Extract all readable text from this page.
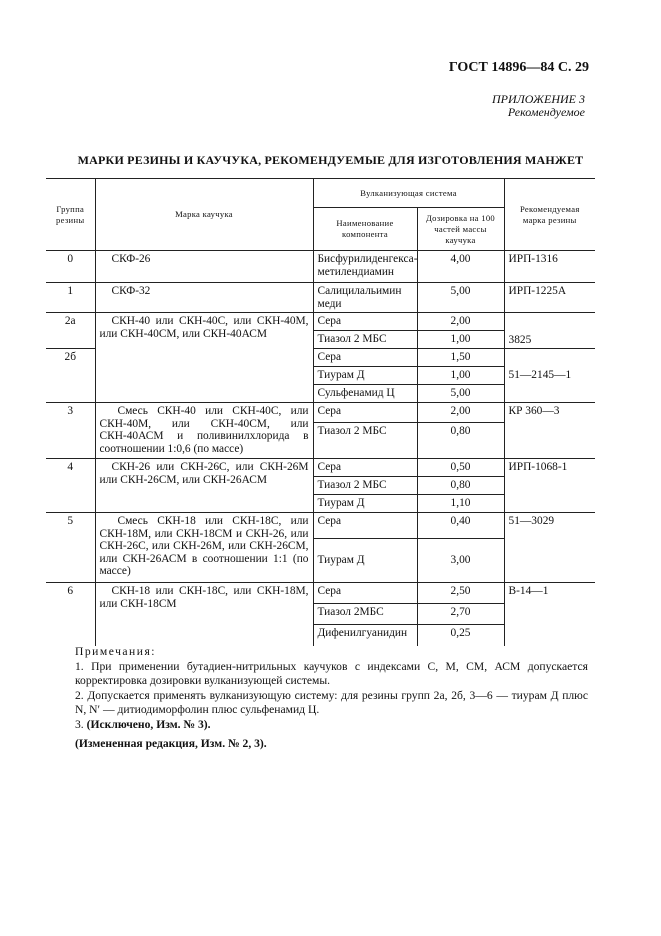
ГОСТ 14896—84 С. 29
ПРИЛОЖЕНИЕ 3
Рекомендуемое
МАРКИ РЕЗИНЫ И КАУЧУКА, РЕКОМЕНДУЕМЫЕ ДЛЯ ИЗГОТОВЛЕНИЯ МАНЖЕТ
Группа резины	Марка каучука	Вулканизующая система		Рекомендуемая марка резины
		Наименование компонента	Дозировка на 100 частей массы каучука	
0	СКФ-26	Бисфурилиденгекса-метилендиамин	4,00	ИРП-1316
1	СКФ-32	Салицилальимин меди	5,00	ИРП-1225А
2а	СКН-40 или СКН-40С, или СКН-40М, или СКН-40СМ, или СКН-40АСМ	Сера	2,00	3825
		Тиазол 2 МБС	1,00	
2б		Сера	1,50	51—2145—1
		Тиурам Д	1,00	
		Сульфенамид Ц	5,00	
3	Смесь СКН-40 или СКН-40С, или СКН-40М, или СКН-40СМ, или СКН-40АСМ и поливинилхлорида в соотношении 1:0,6 (по массе)	Сера	2,00	КР 360—3
		Тиазол 2 МБС	0,80	
4	СКН-26 или СКН-26С, или СКН-26М или СКН-26СМ, или СКН-26АСМ	Сера	0,50	ИРП-1068-1
		Тиазол 2 МБС	0,80	
		Тиурам Д	1,10	
5	Смесь СКН-18 или СКН-18С, или СКН-18М, или СКН-18СМ и СКН-26, или СКН-26С, или СКН-26М, или СКН-26СМ, или СКН-26АСМ в соотношении 1:1 (по массе)	Сера	0,40	51—3029
		Тиурам Д	3,00	
6	СКН-18 или СКН-18С, или СКН-18М, или СКН-18СМ	Сера	2,50	В-14—1
		Тиазол 2МБС	2,70	
		Дифенилгуанидин	0,25	

Примечания:

1. При применении бутадиен-нитрильных каучуков с индексами С, М, СМ, АСМ допускается корректировка дозировки вулканизующей системы.

2. Допускается применять вулканизующую систему: для резины групп 2а, 2б, 3—6 — тиурам Д плюс N, N′ — дитиодиморфолин плюс сульфенамид Ц.

3. (Исключено, Изм. № 3).

(Измененная редакция, Изм. № 2, 3).
